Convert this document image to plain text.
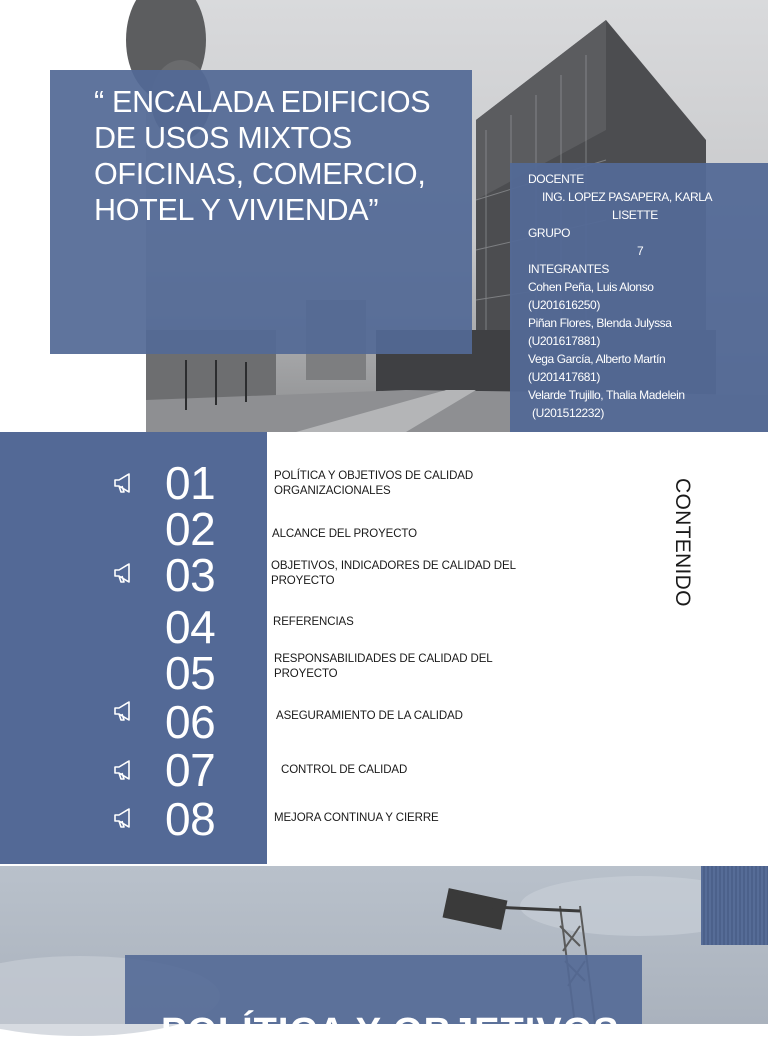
“ ENCALADA EDIFICIOS DE USOS MIXTOS OFICINAS, COMERCIO, HOTEL Y VIVIENDA”
DOCENTE
ING. LOPEZ PASAPERA, KARLA
LISETTE
GRUPO
7
INTEGRANTES
Cohen Peña, Luis Alonso
(U201616250)
Piñan Flores, Blenda Julyssa
(U201617881)
Vega García, Alberto Martín
(U201417681)
Velarde Trujillo, Thalia Madelein
(U201512232)
01
02
03
04
05
06
07
08
POLÍTICA Y OBJETIVOS DE CALIDAD ORGANIZACIONALES
ALCANCE DEL PROYECTO
OBJETIVOS, INDICADORES DE CALIDAD DEL PROYECTO
REFERENCIAS
RESPONSABILIDADES DE CALIDAD DEL PROYECTO
ASEGURAMIENTO DE LA CALIDAD
CONTROL DE CALIDAD
MEJORA CONTINUA Y CIERRE
CONTENIDO
POLÍTICA Y OBJETIVOS
